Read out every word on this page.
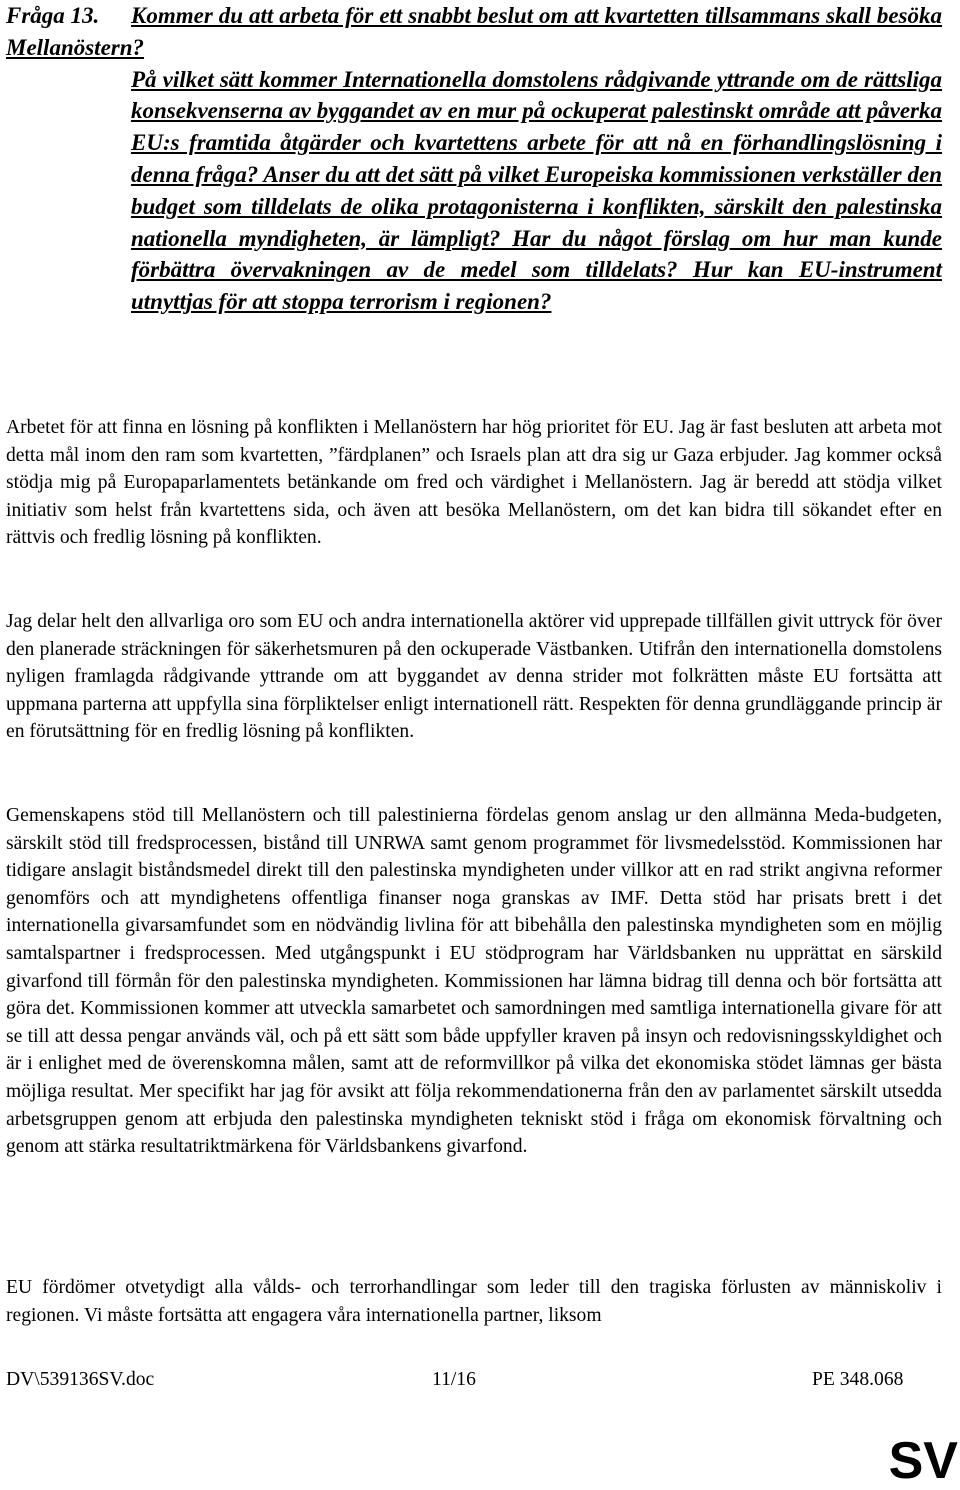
Fråga 13. Kommer du att arbeta för ett snabbt beslut om att kvartetten tillsammans skall besöka Mellanöstern?
På vilket sätt kommer Internationella domstolens rådgivande yttrande om de rättsliga konsekvenserna av byggandet av en mur på ockuperat palestinskt område att påverka EU:s framtida åtgärder och kvartettens arbete för att nå en förhandlingslösning i denna fråga? Anser du att det sätt på vilket Europeiska kommissionen verkställer den budget som tilldelats de olika protagonisterna i konflikten, särskilt den palestinska nationella myndigheten, är lämpligt? Har du något förslag om hur man kunde förbättra övervakningen av de medel som tilldelats? Hur kan EU-instrument utnyttjas för att stoppa terrorism i regionen?

Arbetet för att finna en lösning på konflikten i Mellanöstern har hög prioritet för EU. Jag är fast besluten att arbeta mot detta mål inom den ram som kvartetten, ”färdplanen” och Israels plan att dra sig ur Gaza erbjuder. Jag kommer också stödja mig på Europaparlamentets betänkande om fred och värdighet i Mellanöstern. Jag är beredd att stödja vilket initiativ som helst från kvartettens sida, och även att besöka Mellanöstern, om det kan bidra till sökandet efter en rättvis och fredlig lösning på konflikten.

Jag delar helt den allvarliga oro som EU och andra internationella aktörer vid upprepade tillfällen givit uttryck för över den planerade sträckningen för säkerhetsmuren på den ockuperade Västbanken. Utifrån den internationella domstolens nyligen framlagda rådgivande yttrande om att byggandet av denna strider mot folkrätten måste EU fortsätta att uppmana parterna att uppfylla sina förpliktelser enligt internationell rätt. Respekten för denna grundläggande princip är en förutsättning för en fredlig lösning på konflikten.

Gemenskapens stöd till Mellanöstern och till palestinierna fördelas genom anslag ur den allmänna Meda-budgeten, särskilt stöd till fredsprocessen, bistånd till UNRWA samt genom programmet för livsmedelsstöd. Kommissionen har tidigare anslagit biståndsmedel direkt till den palestinska myndigheten under villkor att en rad strikt angivna reformer genomförs och att myndighetens offentliga finanser noga granskas av IMF. Detta stöd har prisats brett i det internationella givarsamfundet som en nödvändig livlina för att bibehålla den palestinska myndigheten som en möjlig samtalspartner i fredsprocessen. Med utgångspunkt i EU stödprogram har Världsbanken nu upprättat en särskild givarfond till förmån för den palestinska myndigheten. Kommissionen har lämna bidrag till denna och bör fortsätta att göra det. Kommissionen kommer att utveckla samarbetet och samordningen med samtliga internationella givare för att se till att dessa pengar används väl, och på ett sätt som både uppfyller kraven på insyn och redovisningsskyldighet och är i enlighet med de överenskomna målen, samt att de reformvillkor på vilka det ekonomiska stödet lämnas ger bästa möjliga resultat. Mer specifikt har jag för avsikt att följa rekommendationerna från den av parlamentet särskilt utsedda arbetsgruppen genom att erbjuda den palestinska myndigheten tekniskt stöd i fråga om ekonomisk förvaltning och genom att stärka resultatriktmärkena för Världsbankens givarfond.

EU fördömer otvetydigt alla vålds- och terrorhandlingar som leder till den tragiska förlusten av människoliv i regionen. Vi måste fortsätta att engagera våra internationella partner, liksom

DV\539136SV.doc	11/16	PE 348.068
SV
